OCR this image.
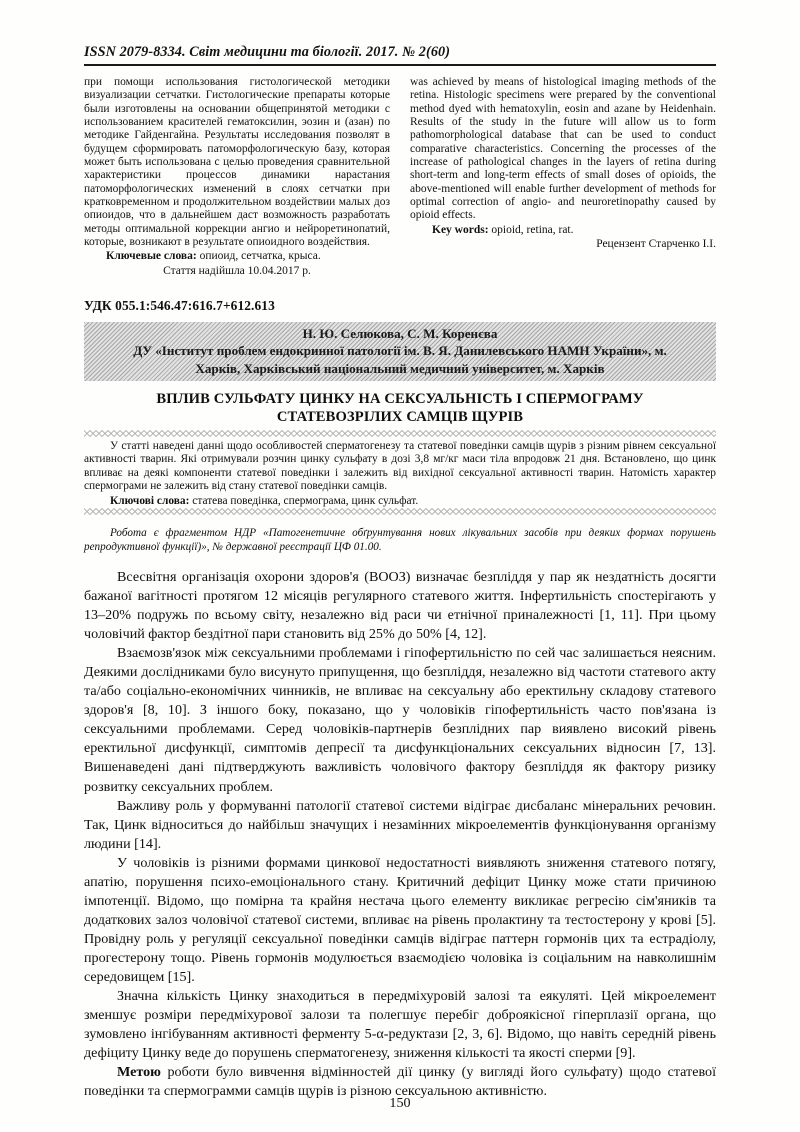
ISSN 2079-8334. Світ медицини та біології. 2017. № 2(60)

при помощи использования гистологической методики визуализации сетчатки. Гистологические препараты которые были изготовлены на основании общепринятой методики с использованием красителей гематоксилин, эозин и (азан) по методике Гайденгайна. Результаты исследования позволят в будущем сформировать патоморфологическую базу, которая может быть использована с целью проведения сравнительной характеристики процессов динамики нарастания патоморфологических изменений в слоях сетчатки при кратковременном и продолжительном воздействии малых доз опиоидов, что в дальнейшем даст возможность разработать методы оптимальной коррекции ангио и нейроретинопатий, которые, возникают в результате опиоидного воздействия.

Ключевые слова: опиоид, сетчатка, крыса.

Стаття надійшла 10.04.2017 р.

was achieved by means of histological imaging methods of the retina. Histologic specimens were prepared by the conventional method dyed with hematoxylin, eosin and azane by Heidenhain. Results of the study in the future will allow us to form pathomorphological database that can be used to conduct comparative characteristics. Concerning the processes of the increase of pathological changes in the layers of retina during short-term and long-term effects of small doses of opioids, the above-mentioned will enable further development of methods for optimal correction of angio- and neuroretinopathy caused by opioid effects.

Key words: opioid, retina, rat.

Рецензент Старченко І.І.

УДК 055.1:546.47:616.7+612.613
Н. Ю. Селюкова, С. М. Коренєва
ДУ «Інститут проблем ендокринної патології ім. В. Я. Данилевського НАМН України», м.
Харків, Харківський національний медичний університет, м. Харків
ВПЛИВ СУЛЬФАТУ ЦИНКУ НА СЕКСУАЛЬНІСТЬ І СПЕРМОГРАМУ
СТАТЕВОЗРІЛИХ САМЦІВ ЩУРІВ

У статті наведені данні щодо особливостей сперматогенезу та статевої поведінки самців щурів з різним рівнем сексуальної активності тварин. Які отримували розчин цинку сульфату в дозі 3,8 мг/кг маси тіла впродовж 21 дня. Встановлено, що цинк впливає на деякі компоненти статевої поведінки і залежить від вихідної сексуальної активності тварин. Натомість характер спермограми не залежить від стану статевої поведінки самців.

Ключові слова: статева поведінка, спермограма, цинк сульфат.

Робота є фрагментом НДР «Патогенетичне обґрунтування нових лікувальних засобів при деяких формах порушень репродуктивної функції)», № державної реєстрації ЦФ 01.00.

Всесвітня організація охорони здоров'я (ВООЗ) визначає безпліддя у пар як нездатність досягти бажаної вагітності протягом 12 місяців регулярного статевого життя. Інфертильність спостерігають у 13–20% подружь по всьому світу, незалежно від раси чи етнічної приналежності [1, 11]. При цьому чоловічий фактор бездітної пари становить від 25% до 50% [4, 12].

Взаємозв'язок між сексуальними проблемами і гіпофертильністю по сей час залишається неясним. Деякими дослідниками було висунуто припущення, що безпліддя, незалежно від частоти статевого акту та/або соціально-економічних чинників, не впливає на сексуальну або еректильну складову статевого здоров'я [8, 10]. З іншого боку, показано, що у чоловіків гіпофертильність часто пов'язана із сексуальними проблемами. Серед чоловіків-партнерів безплідних пар виявлено високий рівень еректильної дисфункції, симптомів депресії та дисфункціональних сексуальних відносин [7, 13]. Вишенаведені дані підтверджують важливість чоловічого фактору безпліддя як фактору ризику розвитку сексуальних проблем.

Важливу роль у формуванні патології статевої системи відіграє дисбаланс мінеральних речовин. Так, Цинк відноситься до найбільш значущих і незамінних мікроелементів функціонування організму людини [14].

У чоловіків із різними формами цинкової недостатності виявляють зниження статевого потягу, апатію, порушення психо-емоціонального стану. Критичний дефіцит Цинку може стати причиною імпотенції. Відомо, що помірна та крайня нестача цього елементу викликає регресію сім'яників та додаткових залоз чоловічої статевої системи, впливає на рівень пролактину та тестостерону у крові [5]. Провідну роль у регуляції сексуальної поведінки самців відіграє паттерн гормонів цих та естрадіолу, прогестерону тощо. Рівень гормонів модулюється взаємодією чоловіка із соціальним на навколишнім середовищем [15].

Значна кількість Цинку знаходиться в передміхуровій залозі та еякуляті. Цей мікроелемент зменшує розміри передміхурової залози та полегшує перебіг доброякісної гіперплазії органа, що зумовлено інгібуванням активності ферменту 5-α-редуктази [2, 3, 6]. Відомо, що навіть середній рівень дефіциту Цинку веде до порушень сперматогенезу, зниження кількості та якості сперми [9].

Метою роботи було вивчення відмінностей дії цинку (у вигляді його сульфату) щодо статевої поведінки та спермограмми самців щурів із різною сексуальною активністю.

150
